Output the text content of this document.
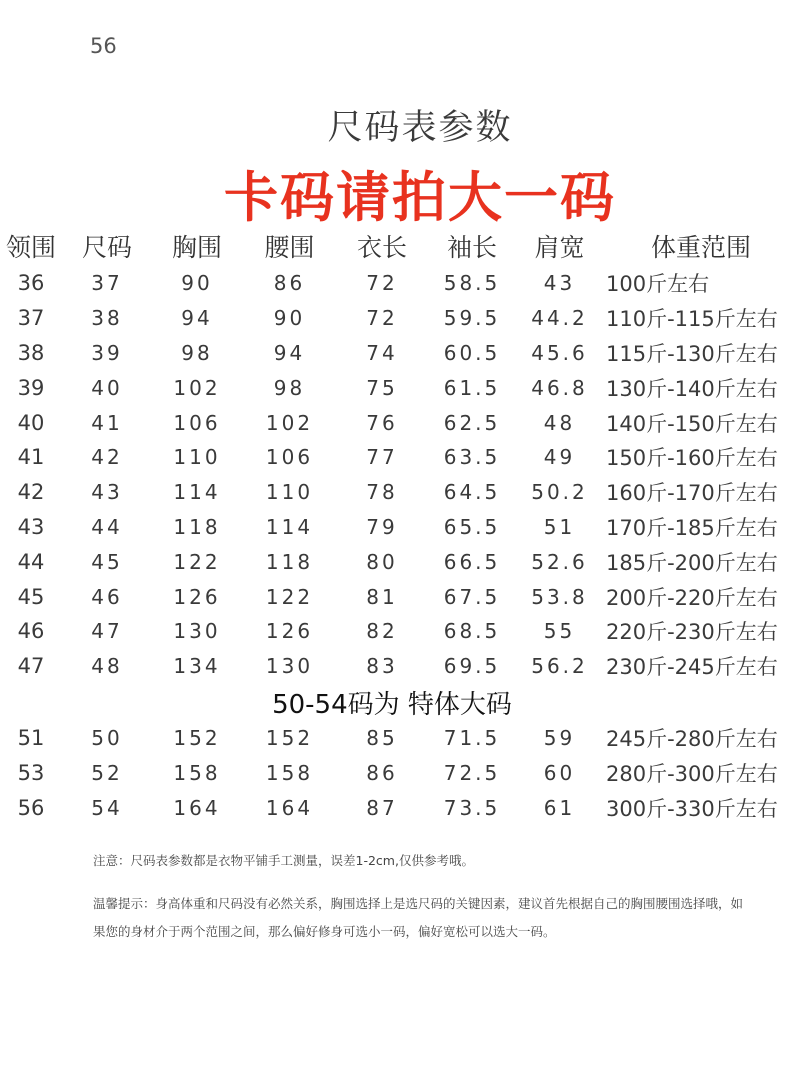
56
尺码表参数
卡码请拍大一码
领围	尺码	胸围	腰围	衣长	袖长	肩宽	体重范围
36	37	90	86	72	58.5	43	100斤左右
37	38	94	90	72	59.5	44.2	110斤-115斤左右
38	39	98	94	74	60.5	45.6	115斤-130斤左右
39	40	102	98	75	61.5	46.8	130斤-140斤左右
40	41	106	102	76	62.5	48	140斤-150斤左右
41	42	110	106	77	63.5	49	150斤-160斤左右
42	43	114	110	78	64.5	50.2	160斤-170斤左右
43	44	118	114	79	65.5	51	170斤-185斤左右
44	45	122	118	80	66.5	52.6	185斤-200斤左右
45	46	126	122	81	67.5	53.8	200斤-220斤左右
46	47	130	126	82	68.5	55	220斤-230斤左右
47	48	134	130	83	69.5	56.2	230斤-245斤左右
50-54码为 特体大码							
51	50	152	152	85	71.5	59	245斤-280斤左右
53	52	158	158	86	72.5	60	280斤-300斤左右
56	54	164	164	87	73.5	61	300斤-330斤左右

注意：尺码表参数都是衣物平铺手工测量，误差1-2cm,仅供参考哦。

温馨提示：身高体重和尺码没有必然关系，胸围选择上是选尺码的关键因素，建议首先根据自己的胸围腰围选择哦，如果您的身材介于两个范围之间，那么偏好修身可选小一码，偏好宽松可以选大一码。
